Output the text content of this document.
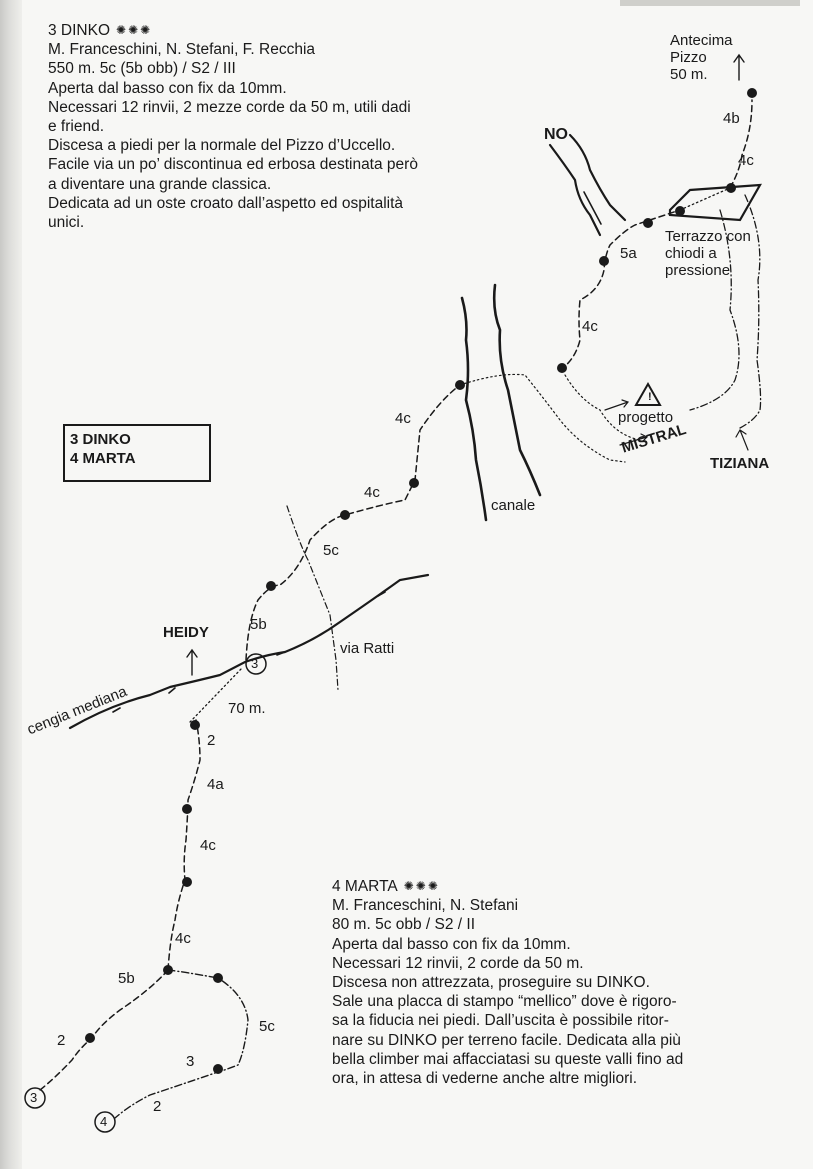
!
3 DINKO ✺✺✺
M. Franceschini, N. Stefani, F. Recchia
550 m. 5c (5b obb) / S2 / III
Aperta dal basso con fix da 10mm.
Necessari 12 rinvii, 2 mezze corde da 50 m, utili dadi
e friend.
Discesa a piedi per la normale del Pizzo d’Uccello.
Facile via un po’ discontinua ed erbosa destinata però
a diventare una grande classica.
Dedicata ad un oste croato dall’aspetto ed ospitalità
unici.
3 DINKO
4 MARTA
4 MARTA ✺✺✺
M. Franceschini, N. Stefani
80 m. 5c obb / S2 / II
Aperta dal basso con fix da 10mm.
Necessari 12 rinvii, 2 corde da 50 m.
Discesa non attrezzata, proseguire su DINKO.
Sale una placca di stampo “mellico” dove è rigoro-
sa la fiducia nei piedi. Dall’uscita è possibile ritor-
nare su DINKO per terreno facile. Dedicata alla più
bella climber mai affacciatasi su queste valli fino ad
ora, in attesa di vederne anche altre migliori.
Antecima
Pizzo
50 m.
NO
Terrazzo con
chiodi a
pressione
progetto
MISTRAL
TIZIANA
canale
HEIDY
via Ratti
cengia mediana	70 m.
3
3
4
2
4a
4c
4c
5b
2
5b
5c
4c
4c
4c
5a
4c
4b
5c
3
2
